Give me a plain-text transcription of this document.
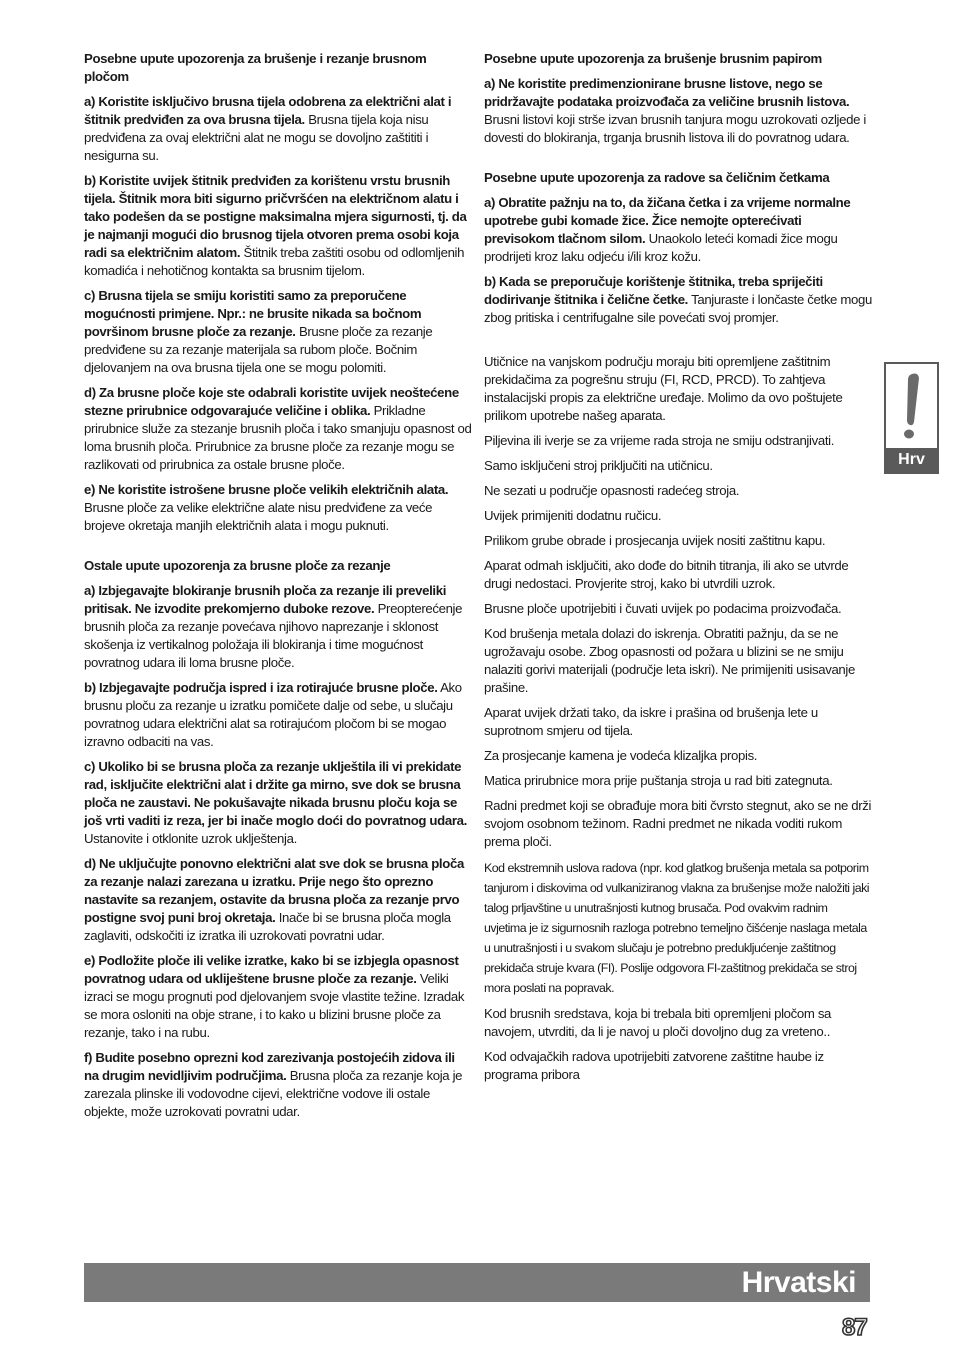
Posebne upute upozorenja za brušenje i rezanje brusnom pločom

a) Koristite isključivo brusna tijela odobrena za električni alat i štitnik predviđen za ova brusna tijela. Brusna tijela koja nisu predviđena za ovaj električni alat ne mogu se dovoljno zaštititi i nesigurna su.

b) Koristite uvijek štitnik predviđen za korištenu vrstu brusnih tijela. Štitnik mora biti sigurno pričvršćen na električnom alatu i tako podešen da se postigne maksimalna mjera sigurnosti, tj. da je najmanji mogući dio brusnog tijela otvoren prema osobi koja radi sa električnim alatom. Štitnik treba zaštiti osobu od odlomljenih komadića i nehotičnog kontakta sa brusnim tijelom.

c) Brusna tijela se smiju koristiti samo za preporučene mogućnosti primjene. Npr.: ne brusite nikada sa bočnom površinom brusne ploče za rezanje. Brusne ploče za rezanje predviđene su za rezanje materijala sa rubom ploče. Bočnim djelovanjem na ova brusna tijela one se mogu polomiti.

d) Za brusne ploče koje ste odabrali koristite uvijek neoštećene stezne prirubnice odgovarajuće veličine i oblika. Prikladne prirubnice služe za stezanje brusnih ploča i tako smanjuju opasnost od loma brusnih ploča. Prirubnice za brusne ploče za rezanje mogu se razlikovati od prirubnica za ostale brusne ploče.

e) Ne koristite istrošene brusne ploče velikih električnih alata. Brusne ploče za velike električne alate nisu predviđene za veće brojeve okretaja manjih električnih alata i mogu puknuti.

Ostale upute upozorenja za brusne ploče za rezanje

a) Izbjegavajte blokiranje brusnih ploča za rezanje ili preveliki pritisak. Ne izvodite prekomjerno duboke rezove. Preopterećenje brusnih ploča za rezanje povećava njihovo naprezanje i sklonost skošenja iz vertikalnog položaja ili blokiranja i time mogućnost povratnog udara ili loma brusne ploče.

b) Izbjegavajte područja ispred i iza rotirajuće brusne ploče. Ako brusnu ploču za rezanje u izratku pomičete dalje od sebe, u slučaju povratnog udara električni alat sa rotirajućom pločom bi se mogao izravno odbaciti na vas.

c) Ukoliko bi se brusna ploča za rezanje uklještila ili vi prekidate rad, isključite električni alat i držite ga mirno, sve dok se brusna ploča ne zaustavi. Ne pokušavajte nikada brusnu ploču koja se još vrti vaditi iz reza, jer bi inače moglo doći do povratnog udara. Ustanovite i otklonite uzrok uklještenja.

d) Ne uključujte ponovno električni alat sve dok se brusna ploča za rezanje nalazi zarezana u izratku. Prije nego što oprezno nastavite sa rezanjem, ostavite da brusna ploča za rezanje prvo postigne svoj puni broj okretaja. Inače bi se brusna ploča mogla zaglaviti, odskočiti iz izratka ili uzrokovati povratni udar.

e) Podložite ploče ili velike izratke, kako bi se izbjegla opasnost povratnog udara od ukliještene brusne ploče za rezanje. Veliki izraci se mogu prognuti pod djelovanjem svoje vlastite težine. Izradak se mora osloniti na obje strane, i to kako u blizini brusne ploče za rezanje, tako i na rubu.

f) Budite posebno oprezni kod zarezivanja postojećih zidova ili na drugim nevidljivim područjima. Brusna ploča za rezanje koja je zarezala plinske ili vodovodne cijevi, električne vodove ili ostale objekte, može uzrokovati povratni udar.

Posebne upute upozorenja za brušenje brusnim papirom

a) Ne koristite predimenzionirane brusne listove, nego se pridržavajte podataka proizvođača za veličine brusnih listova. Brusni listovi koji strše izvan brusnih tanjura mogu uzrokovati ozljede i dovesti do blokiranja, trganja brusnih listova ili do povratnog udara.

Posebne upute upozorenja za radove sa čeličnim četkama

a) Obratite pažnju na to, da žičana četka i za vrijeme normalne upotrebe gubi komade žice. Žice nemojte opterećivati previsokom tlačnom silom. Unaokolo leteći komadi žice mogu prodrijeti kroz laku odjeću i/ili kroz kožu.

b) Kada se preporučuje korištenje štitnika, treba spriječiti dodirivanje štitnika i čelične četke. Tanjuraste i lončaste četke mogu zbog pritiska i centrifugalne sile povećati svoj promjer.

Utičnice na vanjskom području moraju biti opremljene zaštitnim prekidačima za pogrešnu struju (FI, RCD, PRCD). To zahtjeva instalacijski propis za električne uređaje. Molimo da ovo poštujete prilikom upotrebe našeg aparata.

Piljevina ili iverje se za vrijeme rada stroja ne smiju odstranjivati.

Samo isključeni stroj priključiti na utičnicu.

Ne sezati u područje opasnosti radećeg stroja.

Uvijek primijeniti dodatnu ručicu.

Prilikom grube obrade i prosjecanja uvijek nositi zaštitnu kapu.

Aparat odmah isključiti, ako dođe do bitnih titranja, ili ako se utvrde drugi nedostaci. Provjerite stroj, kako bi utvrdili uzrok.

Brusne ploče upotrijebiti i čuvati uvijek po podacima proizvođača.

Kod brušenja metala dolazi do iskrenja. Obratiti pažnju, da se ne ugrožavaju osobe. Zbog opasnosti od požara u blizini se ne smiju nalaziti gorivi materijali (područje leta iskri). Ne primijeniti usisavanje prašine.

Aparat uvijek držati tako, da iskre i prašina od brušenja lete u suprotnom smjeru od tijela.

Za prosjecanje kamena je vodeća klizaljka propis.

Matica prirubnice mora prije puštanja stroja u rad biti zategnuta.

Radni predmet koji se obrađuje mora biti čvrsto stegnut, ako se ne drži svojom osobnom težinom. Radni predmet ne nikada voditi rukom prema ploči.

Kod ekstremnih uslova radova (npr. kod glatkog brušenja metala sa potporim tanjurom i diskovima od vulkaniziranog vlakna za brušenjse može naložiti jaki talog prljavštine u unutrašnjosti kutnog brusača. Pod ovakvim radnim uvjetima je iz sigurnosnih razloga potrebno temeljno čišćenje naslaga metala u unutrašnjosti i u svakom slučaju je potrebno predukljućenje zaštitnog prekidača struje kvara (FI). Poslije odgovora FI-zaštitnog prekidača se stroj mora poslati na popravak.

Kod brusnih sredstava, koja bi trebala biti opremljeni pločom sa navojem, utvrditi, da li je navoj u ploči dovoljno dug za vreteno..

Kod odvajačkih radova upotrijebiti zatvorene zaštitne haube iz programa pribora

Hrv
Hrvatski
87
